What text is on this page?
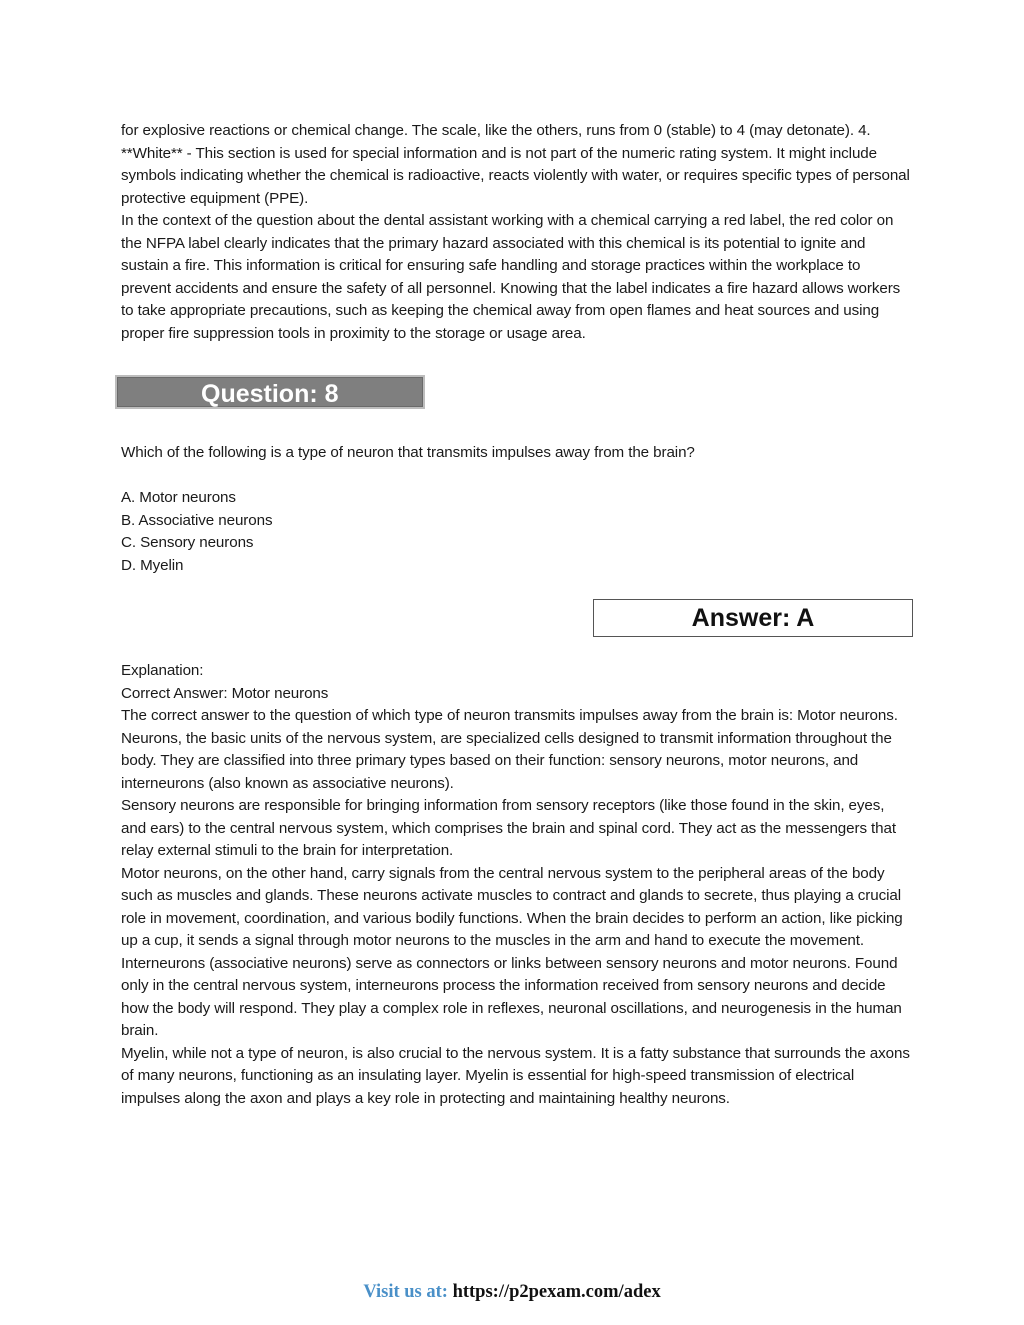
for explosive reactions or chemical change. The scale, like the others, runs from 0 (stable) to 4 (may detonate). 4. **White** - This section is used for special information and is not part of the numeric rating system. It might include symbols indicating whether the chemical is radioactive, reacts violently with water, or requires specific types of personal protective equipment (PPE).

In the context of the question about the dental assistant working with a chemical carrying a red label, the red color on the NFPA label clearly indicates that the primary hazard associated with this chemical is its potential to ignite and sustain a fire. This information is critical for ensuring safe handling and storage practices within the workplace to prevent accidents and ensure the safety of all personnel. Knowing that the label indicates a fire hazard allows workers to take appropriate precautions, such as keeping the chemical away from open flames and heat sources and using proper fire suppression tools in proximity to the storage or usage area.

Question: 8

Which of the following is a type of neuron that transmits impulses away from the brain?

A. Motor neurons

B. Associative neurons

C. Sensory neurons

D. Myelin

Answer: A

Explanation:

Correct Answer: Motor neurons

The correct answer to the question of which type of neuron transmits impulses away from the brain is: Motor neurons.

Neurons, the basic units of the nervous system, are specialized cells designed to transmit information throughout the body. They are classified into three primary types based on their function: sensory neurons, motor neurons, and interneurons (also known as associative neurons).

Sensory neurons are responsible for bringing information from sensory receptors (like those found in the skin, eyes, and ears) to the central nervous system, which comprises the brain and spinal cord. They act as the messengers that relay external stimuli to the brain for interpretation.

Motor neurons, on the other hand, carry signals from the central nervous system to the peripheral areas of the body such as muscles and glands. These neurons activate muscles to contract and glands to secrete, thus playing a crucial role in movement, coordination, and various bodily functions. When the brain decides to perform an action, like picking up a cup, it sends a signal through motor neurons to the muscles in the arm and hand to execute the movement.

Interneurons (associative neurons) serve as connectors or links between sensory neurons and motor neurons. Found only in the central nervous system, interneurons process the information received from sensory neurons and decide how the body will respond. They play a complex role in reflexes, neuronal oscillations, and neurogenesis in the human brain.

Myelin, while not a type of neuron, is also crucial to the nervous system. It is a fatty substance that surrounds the axons of many neurons, functioning as an insulating layer. Myelin is essential for high-speed transmission of electrical impulses along the axon and plays a key role in protecting and maintaining healthy neurons.

Visit us at: https://p2pexam.com/adex
